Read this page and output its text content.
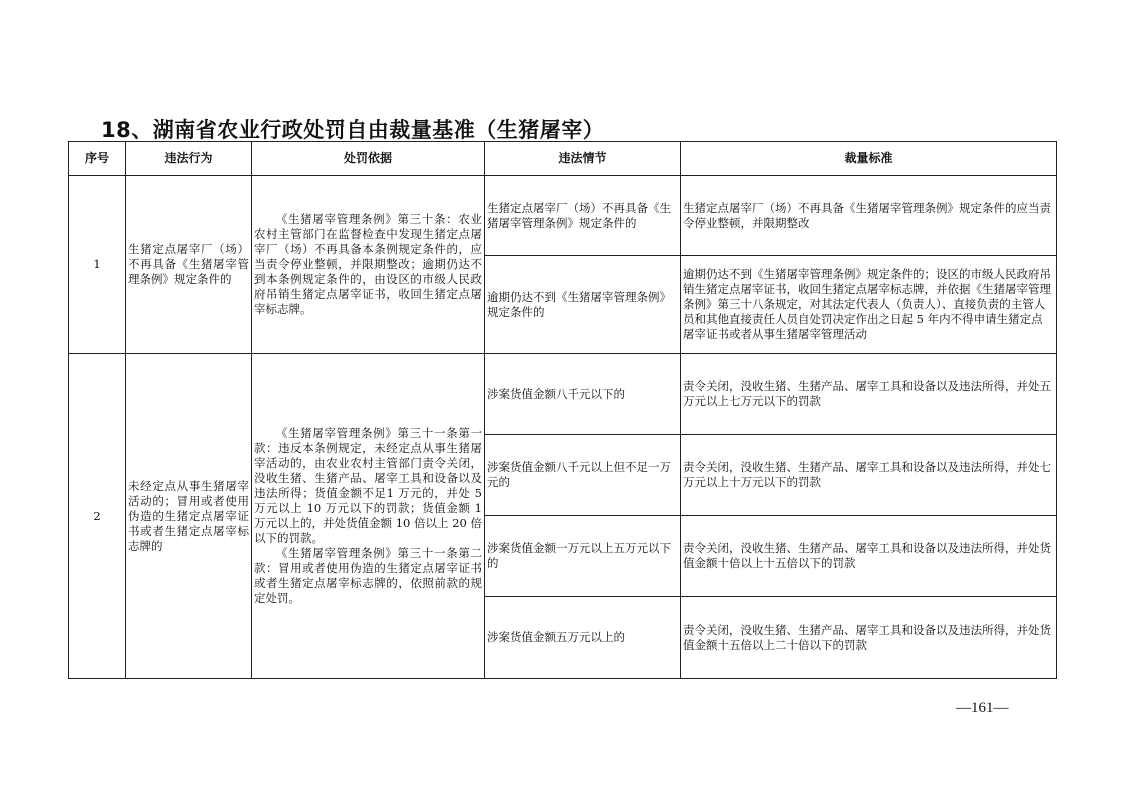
18、湖南省农业行政处罚自由裁量基准（生猪屠宰）
序号	违法行为	处罚依据	违法情节	裁量标准
1	生猪定点屠宰厂（场）不再具备《生猪屠宰管理条例》规定条件的	《生猪屠宰管理条例》第三十条：农业农村主管部门在监督检查中发现生猪定点屠宰厂（场）不再具备本条例规定条件的，应当责令停业整顿，并限期整改；逾期仍达不到本条例规定条件的，由设区的市级人民政府吊销生猪定点屠宰证书，收回生猪定点屠宰标志牌。	生猪定点屠宰厂（场）不再具备《生猪屠宰管理条例》规定条件的	生猪定点屠宰厂（场）不再具备《生猪屠宰管理条例》规定条件的应当责令停业整顿，并限期整改
			逾期仍达不到《生猪屠宰管理条例》规定条件的	逾期仍达不到《生猪屠宰管理条例》规定条件的；设区的市级人民政府吊销生猪定点屠宰证书，收回生猪定点屠宰标志牌，并依据《生猪屠宰管理条例》第三十八条规定，对其法定代表人（负责人）、直接负责的主管人员和其他直接责任人员自处罚决定作出之日起 5 年内不得申请生猪定点屠宰证书或者从事生猪屠宰管理活动
2	未经定点从事生猪屠宰活动的；冒用或者使用伪造的生猪定点屠宰证书或者生猪定点屠宰标志牌的	《生猪屠宰管理条例》第三十一条第一款：违反本条例规定，未经定点从事生猪屠宰活动的，由农业农村主管部门责令关闭，没收生猪、生猪产品、屠宰工具和设备以及违法所得；货值金额不足1 万元的，并处 5 万元以上 10 万元以下的罚款；货值金额 1 万元以上的，并处货值金额 10 倍以上 20 倍以下的罚款。
《生猪屠宰管理条例》第三十一条第二款：冒用或者使用伪造的生猪定点屠宰证书或者生猪定点屠宰标志牌的，依照前款的规定处罚。	涉案货值金额八千元以下的	责令关闭，没收生猪、生猪产品、屠宰工具和设备以及违法所得，并处五万元以上七万元以下的罚款
			涉案货值金额八千元以上但不足一万元的	责令关闭，没收生猪、生猪产品、屠宰工具和设备以及违法所得，并处七万元以上十万元以下的罚款
			涉案货值金额一万元以上五万元以下的	责令关闭，没收生猪、生猪产品、屠宰工具和设备以及违法所得，并处货值金额十倍以上十五倍以下的罚款
			涉案货值金额五万元以上的	责令关闭，没收生猪、生猪产品、屠宰工具和设备以及违法所得，并处货值金额十五倍以上二十倍以下的罚款
—161—
